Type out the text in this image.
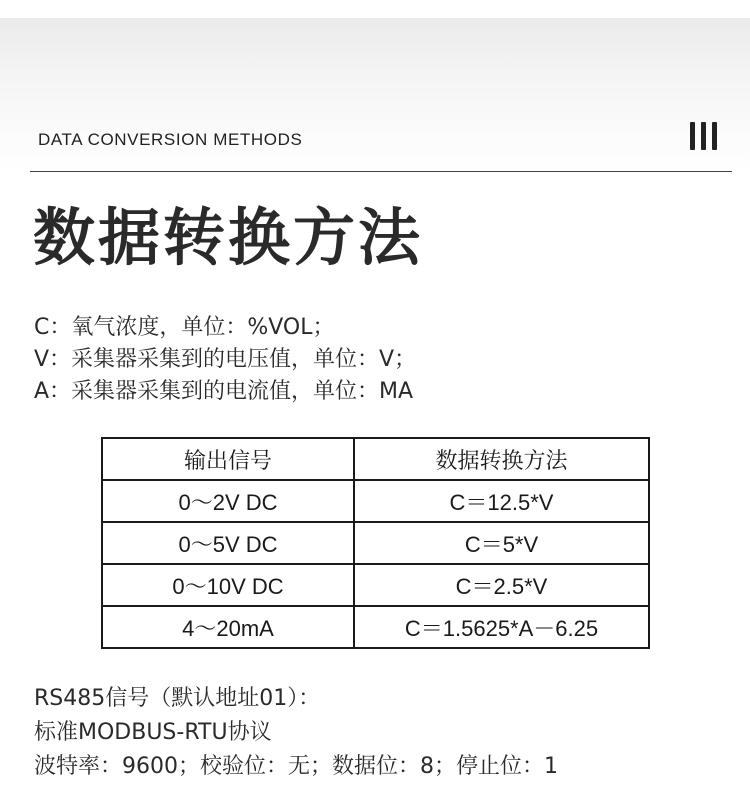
DATA CONVERSION METHODS
数据转换方法
C：氧气浓度，单位：%VOL；
V：采集器采集到的电压值，单位：V；
A：采集器采集到的电流值，单位：MA
输出信号	数据转换方法
0～2V DC	C＝12.5*V
0～5V DC	C＝5*V
0～10V DC	C＝2.5*V
4～20mA	C＝1.5625*A－6.25
RS485信号（默认地址01）：
标准MODBUS-RTU协议
波特率：9600；校验位：无；数据位：8；停止位：1
